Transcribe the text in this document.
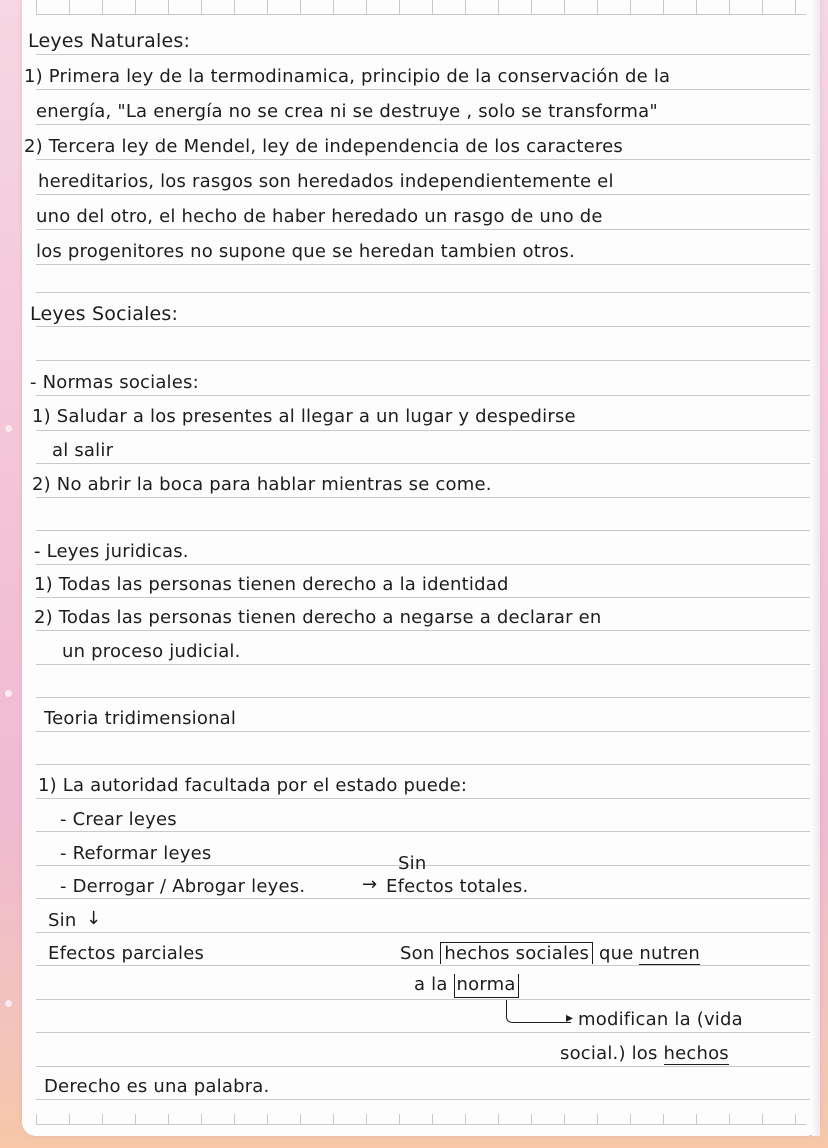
Leyes Naturales:
1) Primera ley de la termodinamica, principio de la conservación de la
energía, "La energía no se crea ni se destruye , solo se transforma"
2) Tercera ley de Mendel, ley de independencia de los caracteres
hereditarios, los rasgos son heredados independientemente el
uno del otro, el hecho de haber heredado un rasgo de uno de
los progenitores no supone que se heredan tambien otros.
Leyes Sociales:
- Normas sociales:
1) Saludar a los presentes al llegar a un lugar y despedirse
al salir
2) No abrir la boca para hablar mientras se come.
- Leyes juridicas.
1) Todas las personas tienen derecho a la identidad
2) Todas las personas tienen derecho a negarse a declarar en
un proceso judicial.
Teoria tridimensional
1) La autoridad facultada por el estado puede:
- Crear leyes
- Reformar leyes
- Derrogar / Abrogar leyes.	→
Sin
Efectos totales.
Sin ↓
Efectos parciales	Son hechos sociales que nutren
a la norma
▸ modifican la (vida
social.) los hechos
Derecho es una palabra.
